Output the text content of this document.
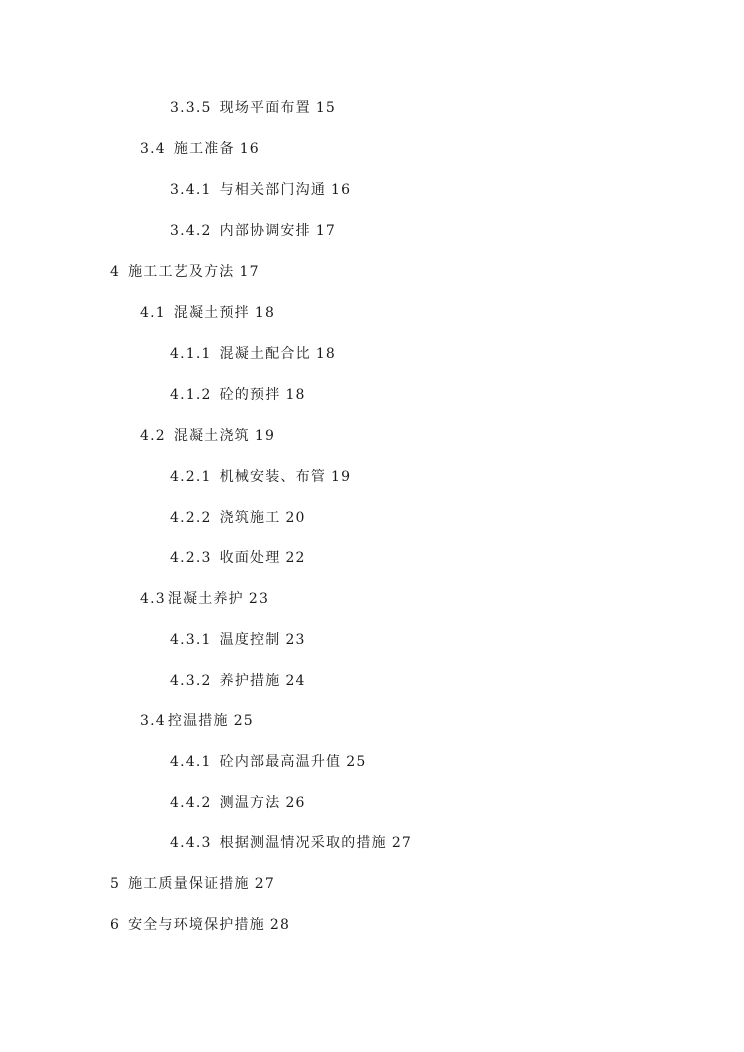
3.3.5 现场平面布置 15
3.4 施工准备 16
3.4.1 与相关部门沟通 16
3.4.2 内部协调安排 17
4 施工工艺及方法 17
4.1 混凝土预拌 18
4.1.1 混凝土配合比 18
4.1.2 砼的预拌 18
4.2 混凝土浇筑 19
4.2.1 机械安装、布管 19
4.2.2 浇筑施工 20
4.2.3 收面处理 22
4.3 混凝土养护 23
4.3.1 温度控制 23
4.3.2 养护措施 24
3.4 控温措施 25
4.4.1 砼内部最高温升值 25
4.4.2 测温方法 26
4.4.3 根据测温情况采取的措施 27
5 施工质量保证措施 27
6 安全与环境保护措施 28
